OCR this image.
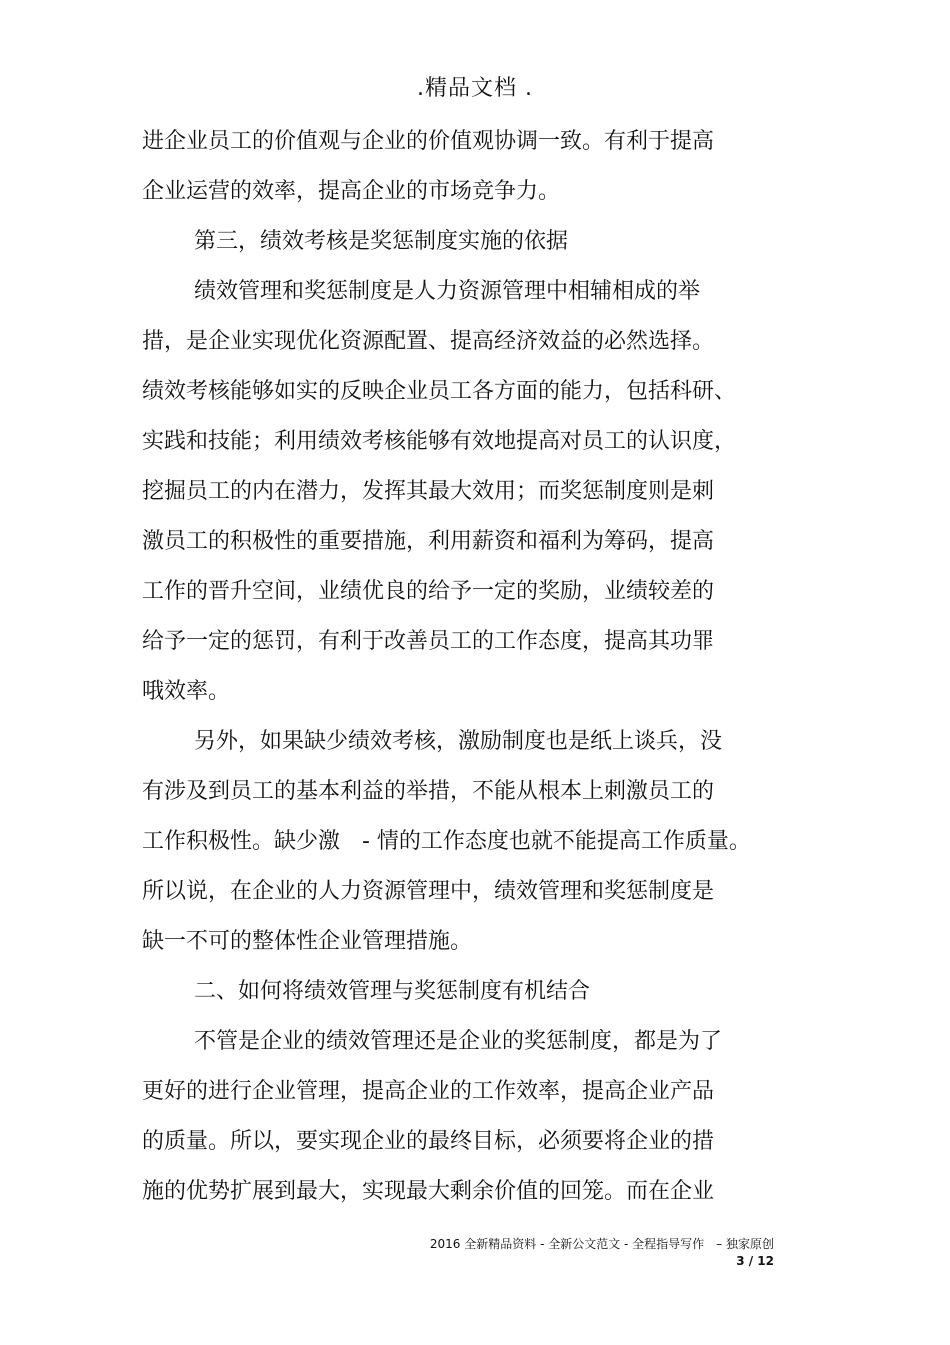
.精品文档 .
进企业员工的价值观与企业的价值观协调一致。有利于提高
企业运营的效率，提高企业的市场竞争力。
第三，绩效考核是奖惩制度实施的依据
绩效管理和奖惩制度是人力资源管理中相辅相成的举
措，是企业实现优化资源配置、提高经济效益的必然选择。
绩效考核能够如实的反映企业员工各方面的能力，包括科研、
实践和技能；利用绩效考核能够有效地提高对员工的认识度，
挖掘员工的内在潜力，发挥其最大效用；而奖惩制度则是刺
激员工的积极性的重要措施，利用薪资和福利为筹码，提高
工作的晋升空间，业绩优良的给予一定的奖励，业绩较差的
给予一定的惩罚，有利于改善员工的工作态度，提高其功罪
哦效率。
另外，如果缺少绩效考核，激励制度也是纸上谈兵，没
有涉及到员工的基本利益的举措，不能从根本上刺激员工的
工作积极性。缺少激　- 情的工作态度也就不能提高工作质量。
所以说，在企业的人力资源管理中，绩效管理和奖惩制度是
缺一不可的整体性企业管理措施。
二、如何将绩效管理与奖惩制度有机结合
不管是企业的绩效管理还是企业的奖惩制度，都是为了
更好的进行企业管理，提高企业的工作效率，提高企业产品
的质量。所以，要实现企业的最终目标，必须要将企业的措
施的优势扩展到最大，实现最大剩余价值的回笼。而在企业
2016 全新精品资料 - 全新公文范文 - 全程指导写作　– 独家原创
3 / 12
